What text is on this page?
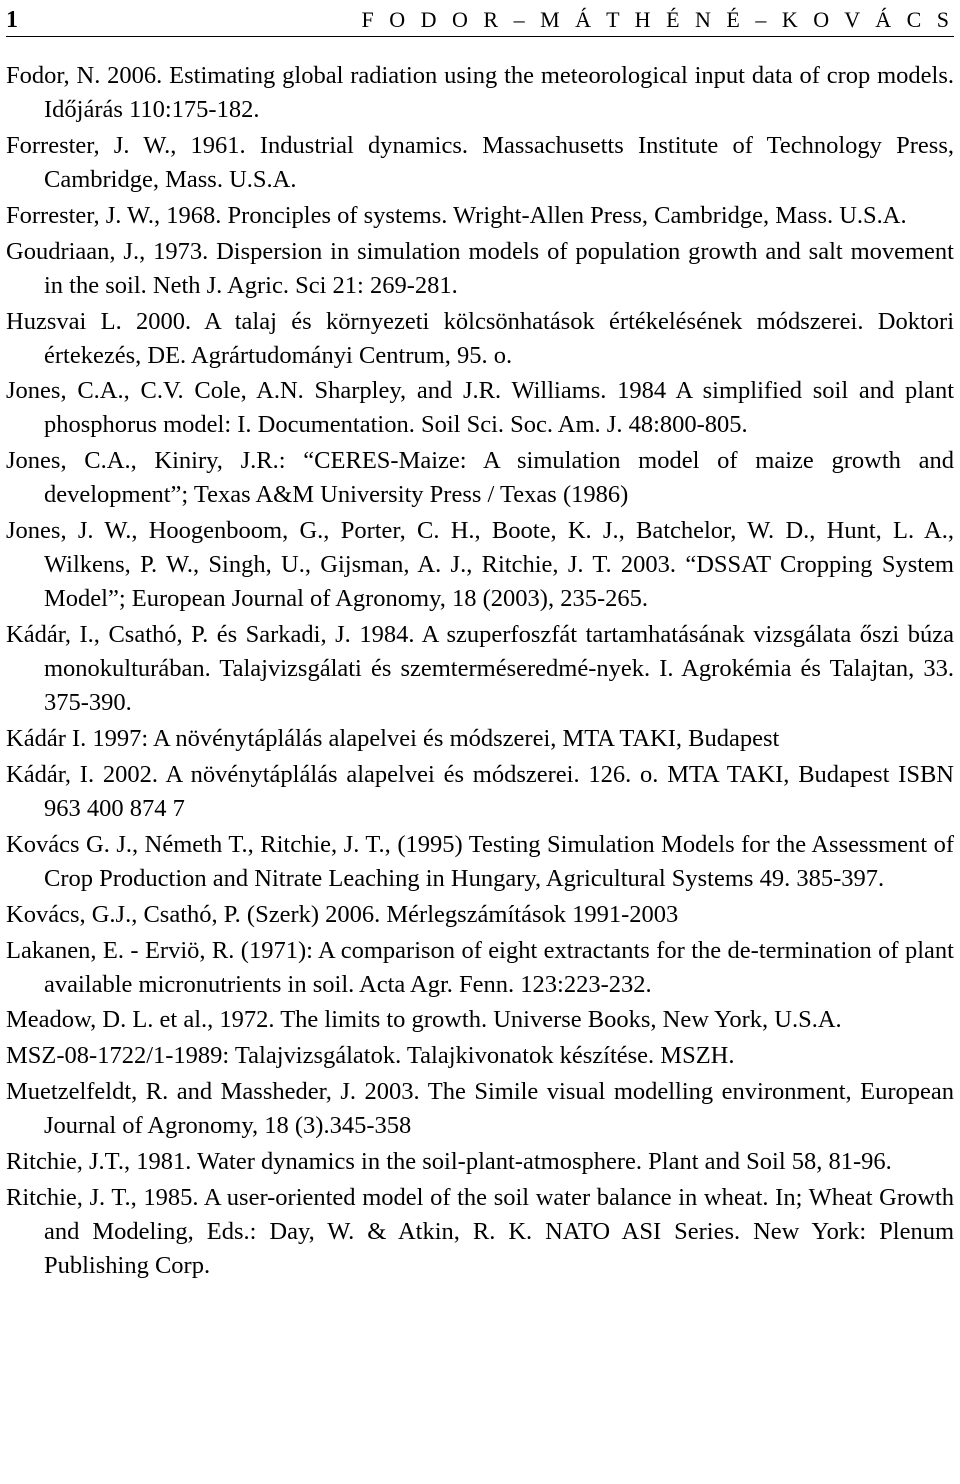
1	F O D O R – M Á T H É N É – K O V Á C S

Fodor, N. 2006. Estimating global radiation using the meteorological input data of crop models. Időjárás 110:175-182.

Forrester, J. W., 1961. Industrial dynamics. Massachusetts Institute of Technology Press, Cambridge, Mass. U.S.A.

Forrester, J. W., 1968. Pronciples of systems. Wright-Allen Press, Cambridge, Mass. U.S.A.

Goudriaan, J., 1973. Dispersion in simulation models of population growth and salt movement in the soil. Neth J. Agric. Sci 21: 269-281.

Huzsvai L. 2000. A talaj és környezeti kölcsönhatások értékelésének módszerei. Doktori értekezés, DE. Agrártudományi Centrum, 95. o.

Jones, C.A., C.V. Cole, A.N. Sharpley, and J.R. Williams. 1984 A simplified soil and plant phosphorus model: I. Documentation. Soil Sci. Soc. Am. J. 48:800-805.

Jones, C.A., Kiniry, J.R.: “CERES-Maize: A simulation model of maize growth and development”; Texas A&M University Press / Texas (1986)

Jones, J. W., Hoogenboom, G., Porter, C. H., Boote, K. J., Batchelor, W. D., Hunt, L. A., Wilkens, P. W., Singh, U., Gijsman, A. J., Ritchie, J. T. 2003. “DSSAT Cropping System Model”; European Journal of Agronomy, 18 (2003), 235-265.

Kádár, I., Csathó, P. és Sarkadi, J. 1984. A szuperfoszfát tartamhatásának vizsgálata őszi búza monokulturában. Talajvizsgálati és szemterméseredmé-nyek. I. Agrokémia és Talajtan, 33. 375-390.

Kádár I. 1997: A növénytáplálás alapelvei és módszerei, MTA TAKI, Budapest

Kádár, I. 2002. A növénytáplálás alapelvei és módszerei. 126. o. MTA TAKI, Budapest ISBN 963 400 874 7

Kovács G. J., Németh T., Ritchie, J. T., (1995) Testing Simulation Models for the Assessment of Crop Production and Nitrate Leaching in Hungary, Agricultural Systems 49. 385-397.

Kovács, G.J., Csathó, P. (Szerk) 2006. Mérlegszámítások 1991-2003

Lakanen, E. - Erviö, R. (1971): A comparison of eight extractants for the de-termination of plant available micronutrients in soil. Acta Agr. Fenn. 123:223-232.

Meadow, D. L. et al., 1972. The limits to growth. Universe Books, New York, U.S.A.

MSZ-08-1722/1-1989: Talajvizsgálatok. Talajkivonatok készítése. MSZH.

Muetzelfeldt, R. and Massheder, J. 2003. The Simile visual modelling environment, European Journal of Agronomy, 18 (3).345-358

Ritchie, J.T., 1981. Water dynamics in the soil-plant-atmosphere. Plant and Soil 58, 81-96.

Ritchie, J. T., 1985. A user-oriented model of the soil water balance in wheat. In; Wheat Growth and Modeling, Eds.: Day, W. & Atkin, R. K. NATO ASI Series. New York: Plenum Publishing Corp.
